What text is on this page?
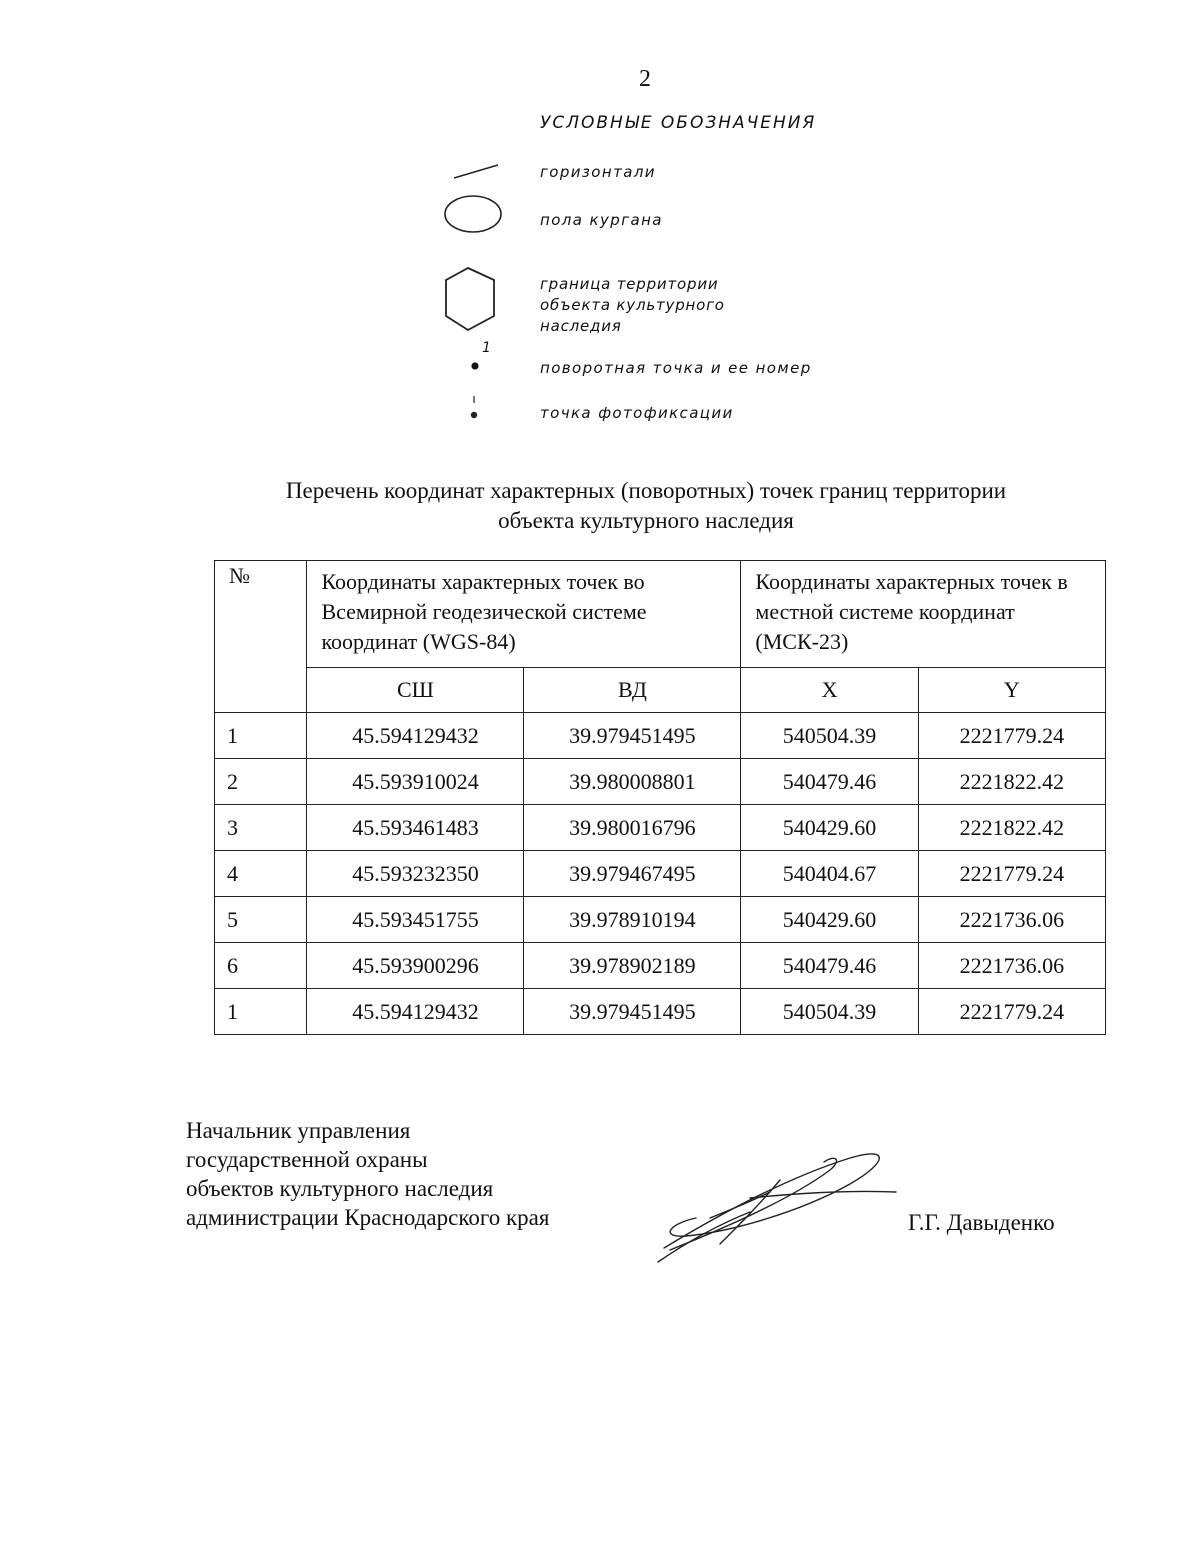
2
УСЛОВНЫЕ ОБОЗНАЧЕНИЯ
горизонтали
пола кургана
граница территории
объекта культурного
наследия
1
поворотная точка и ее номер
точка фотофиксации
Перечень координат характерных (поворотных) точек границ территории
объекта культурного наследия
№	Координаты характерных точек во Всемирной геодезической системе координат (WGS-84)		Координаты характерных точек в местной системе координат (МСК-23)	
	СШ	ВД	X	Y
1	45.594129432	39.979451495	540504.39	2221779.24
2	45.593910024	39.980008801	540479.46	2221822.42
3	45.593461483	39.980016796	540429.60	2221822.42
4	45.593232350	39.979467495	540404.67	2221779.24
5	45.593451755	39.978910194	540429.60	2221736.06
6	45.593900296	39.978902189	540479.46	2221736.06
1	45.594129432	39.979451495	540504.39	2221779.24
Начальник управления
государственной охраны
объектов культурного наследия
администрации Краснодарского края	Г.Г. Давыденко
